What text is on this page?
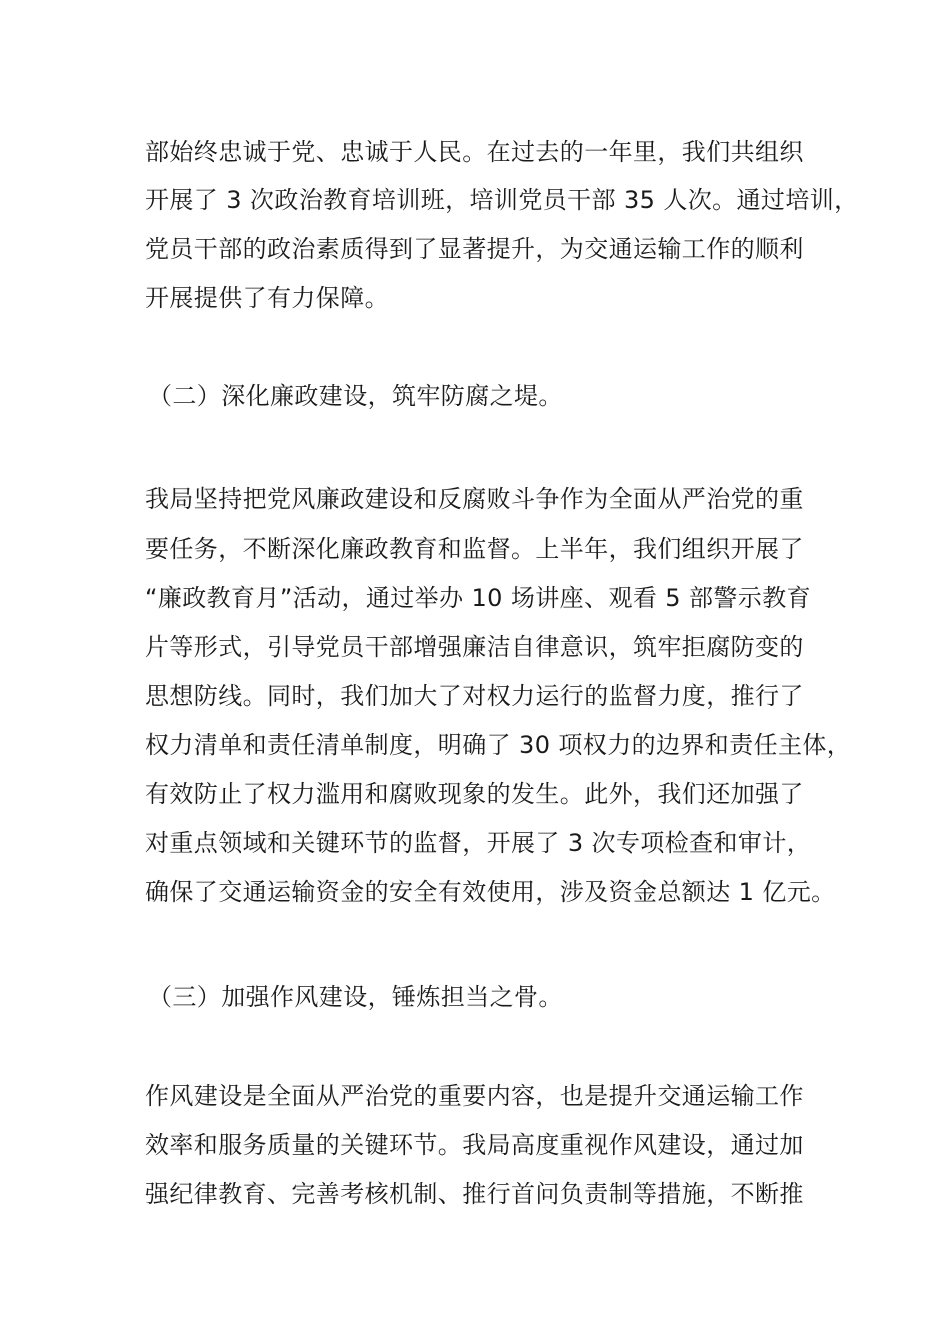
部始终忠诚于党、忠诚于人民。在过去的一年里，我们共组织
开展了 3 次政治教育培训班，培训党员干部 35 人次。通过培训，
党员干部的政治素质得到了显著提升，为交通运输工作的顺利
开展提供了有力保障。
（二）深化廉政建设，筑牢防腐之堤。
我局坚持把党风廉政建设和反腐败斗争作为全面从严治党的重
要任务，不断深化廉政教育和监督。上半年，我们组织开展了
“廉政教育月”活动，通过举办 10 场讲座、观看 5 部警示教育
片等形式，引导党员干部增强廉洁自律意识，筑牢拒腐防变的
思想防线。同时，我们加大了对权力运行的监督力度，推行了
权力清单和责任清单制度，明确了 30 项权力的边界和责任主体，
有效防止了权力滥用和腐败现象的发生。此外，我们还加强了
对重点领域和关键环节的监督，开展了 3 次专项检查和审计，
确保了交通运输资金的安全有效使用，涉及资金总额达 1 亿元。
（三）加强作风建设，锤炼担当之骨。
作风建设是全面从严治党的重要内容，也是提升交通运输工作
效率和服务质量的关键环节。我局高度重视作风建设，通过加
强纪律教育、完善考核机制、推行首问负责制等措施，不断推
